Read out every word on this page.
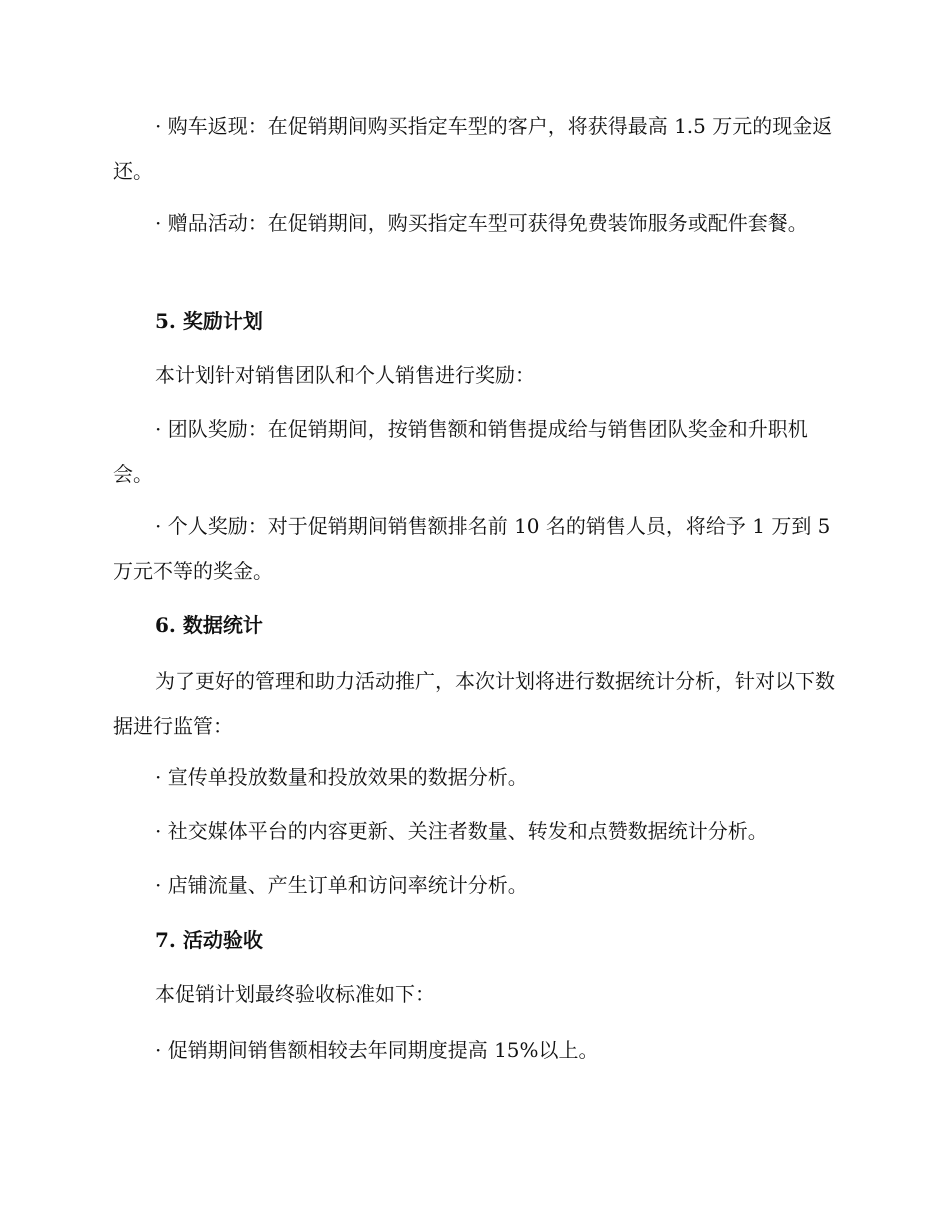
· 购车返现：在促销期间购买指定车型的客户，将获得最高 1.5 万元的现金返还。

· 赠品活动：在促销期间，购买指定车型可获得免费装饰服务或配件套餐。

5. 奖励计划

本计划针对销售团队和个人销售进行奖励：

· 团队奖励：在促销期间，按销售额和销售提成给与销售团队奖金和升职机会。

· 个人奖励：对于促销期间销售额排名前 10 名的销售人员，将给予 1 万到 5 万元不等的奖金。

6. 数据统计

为了更好的管理和助力活动推广，本次计划将进行数据统计分析，针对以下数据进行监管：

· 宣传单投放数量和投放效果的数据分析。

· 社交媒体平台的内容更新、关注者数量、转发和点赞数据统计分析。

· 店铺流量、产生订单和访问率统计分析。

7. 活动验收

本促销计划最终验收标准如下：

· 促销期间销售额相较去年同期度提高 15%以上。
